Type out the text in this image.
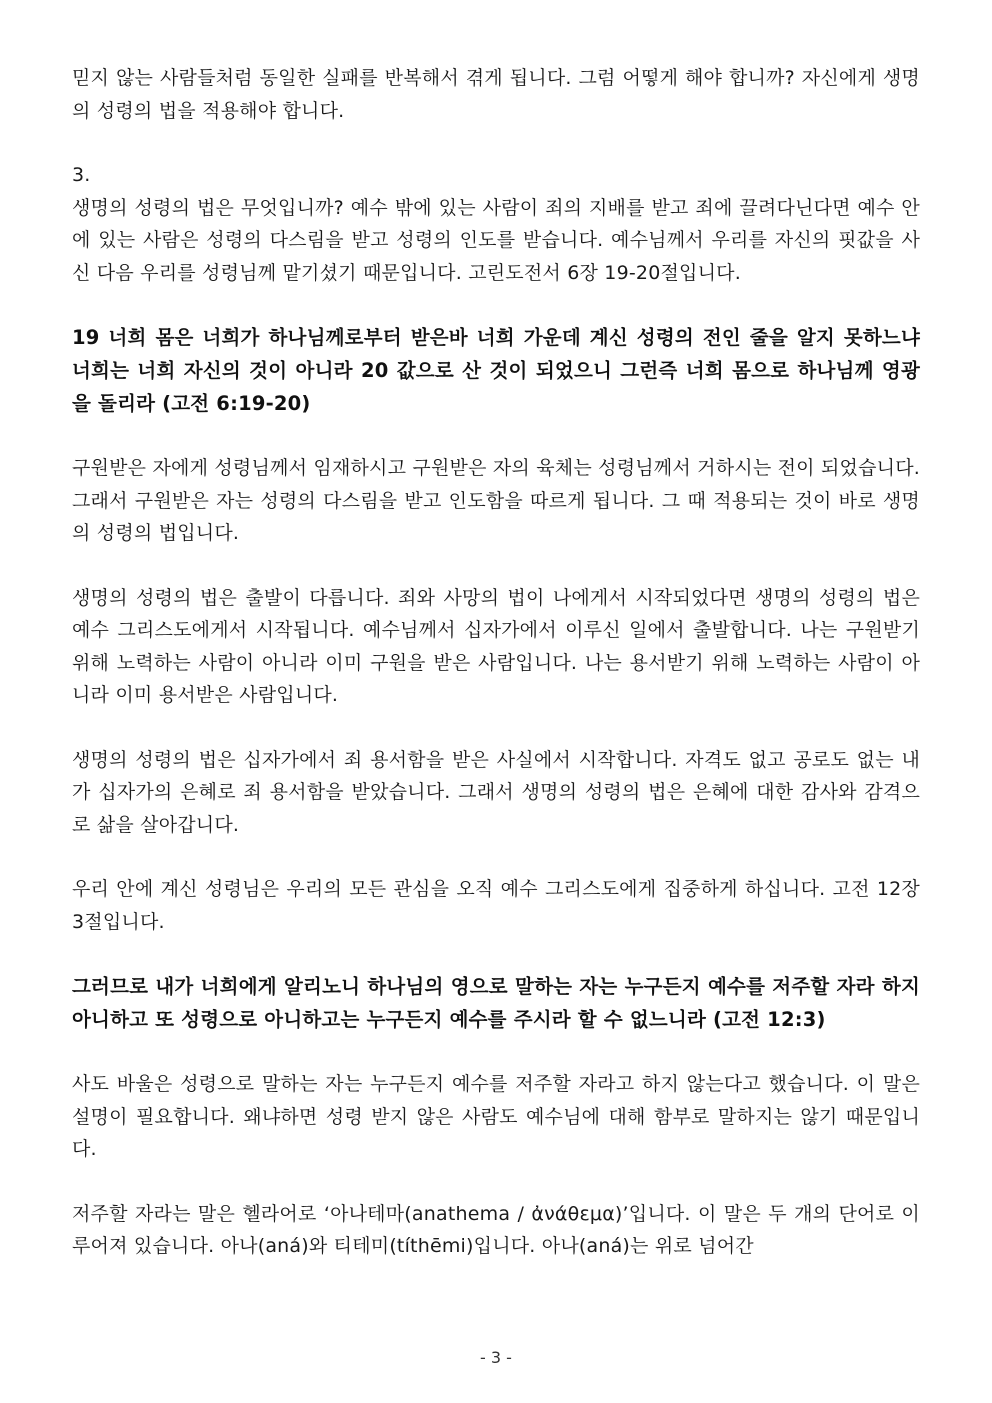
믿지 않는 사람들처럼 동일한 실패를 반복해서 겪게 됩니다. 그럼 어떻게 해야 합니까? 자신에게 생명의 성령의 법을 적용해야 합니다.

3.

생명의 성령의 법은 무엇입니까? 예수 밖에 있는 사람이 죄의 지배를 받고 죄에 끌려다닌다면 예수 안에 있는 사람은 성령의 다스림을 받고 성령의 인도를 받습니다. 예수님께서 우리를 자신의 핏값을 사신 다음 우리를 성령님께 맡기셨기 때문입니다. 고린도전서 6장 19-20절입니다.

19 너희 몸은 너희가 하나님께로부터 받은바 너희 가운데 계신 성령의 전인 줄을 알지 못하느냐 너희는 너희 자신의 것이 아니라 20 값으로 산 것이 되었으니 그런즉 너희 몸으로 하나님께 영광을 돌리라 (고전 6:19-20)

구원받은 자에게 성령님께서 임재하시고 구원받은 자의 육체는 성령님께서 거하시는 전이 되었습니다. 그래서 구원받은 자는 성령의 다스림을 받고 인도함을 따르게 됩니다. 그 때 적용되는 것이 바로 생명의 성령의 법입니다.

생명의 성령의 법은 출발이 다릅니다. 죄와 사망의 법이 나에게서 시작되었다면 생명의 성령의 법은 예수 그리스도에게서 시작됩니다. 예수님께서 십자가에서 이루신 일에서 출발합니다. 나는 구원받기 위해 노력하는 사람이 아니라 이미 구원을 받은 사람입니다. 나는 용서받기 위해 노력하는 사람이 아니라 이미 용서받은 사람입니다.

생명의 성령의 법은 십자가에서 죄 용서함을 받은 사실에서 시작합니다. 자격도 없고 공로도 없는 내가 십자가의 은혜로 죄 용서함을 받았습니다. 그래서 생명의 성령의 법은 은혜에 대한 감사와 감격으로 삶을 살아갑니다.

우리 안에 계신 성령님은 우리의 모든 관심을 오직 예수 그리스도에게 집중하게 하십니다. 고전 12장 3절입니다.

그러므로 내가 너희에게 알리노니 하나님의 영으로 말하는 자는 누구든지 예수를 저주할 자라 하지 아니하고 또 성령으로 아니하고는 누구든지 예수를 주시라 할 수 없느니라 (고전 12:3)

사도 바울은 성령으로 말하는 자는 누구든지 예수를 저주할 자라고 하지 않는다고 했습니다. 이 말은 설명이 필요합니다. 왜냐하면 성령 받지 않은 사람도 예수님에 대해 함부로 말하지는 않기 때문입니다.

저주할 자라는 말은 헬라어로 ‘아나테마(anathema / ἀνάθεμα)’입니다. 이 말은 두 개의 단어로 이루어져 있습니다. 아나(aná)와 티테미(títhēmi)입니다. 아나(aná)는 위로 넘어간

- 3 -
